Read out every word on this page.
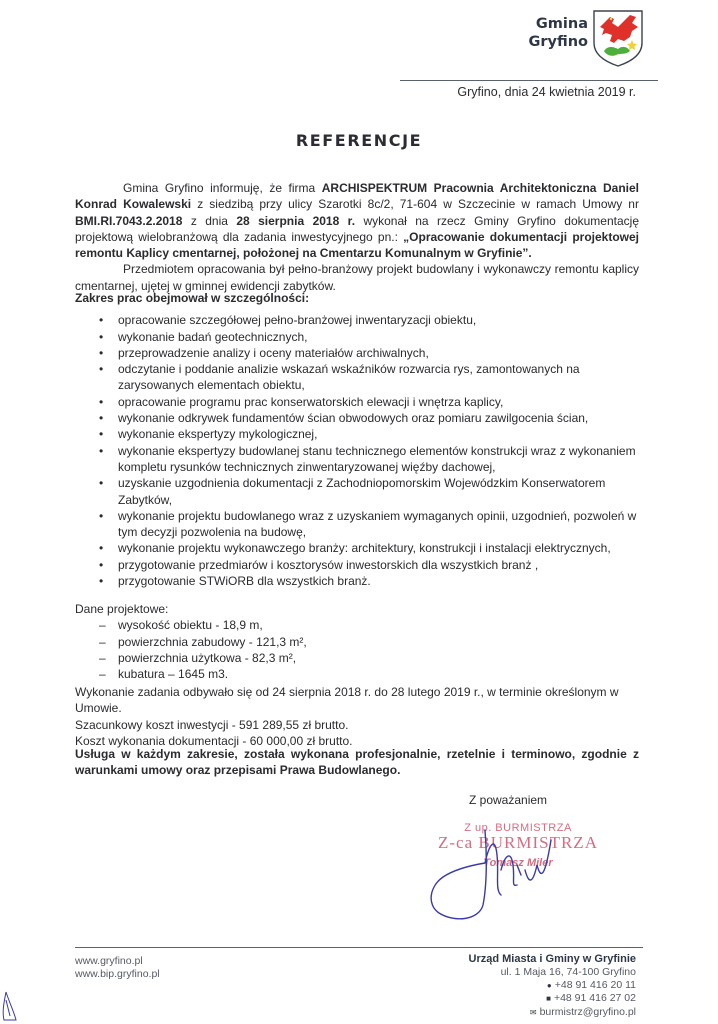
Gmina
Gryfino
Gryfino, dnia 24 kwietnia 2019 r.
REFERENCJE

Gmina Gryfino informuję, że firma ARCHISPEKTRUM Pracownia Architektoniczna Daniel Konrad Kowalewski z siedzibą przy ulicy Szarotki 8c/2, 71-604 w Szczecinie w ramach Umowy nr BMI.RI.7043.2.2018 z dnia 28 sierpnia 2018 r. wykonał na rzecz Gminy Gryfino dokumentację projektową wielobranżową dla zadania inwestycyjnego pn.: „Opracowanie dokumentacji projektowej remontu Kaplicy cmentarnej, położonej na Cmentarzu Komunalnym w Gryfinie”.

Przedmiotem opracowania był pełno-branżowy projekt budowlany i wykonawczy remontu kaplicy cmentarnej, ujętej w gminnej ewidencji zabytków.

Zakres prac obejmował w szczególności:
• opracowanie szczegółowej pełno-branżowej inwentaryzacji obiektu,
• wykonanie badań geotechnicznych,
• przeprowadzenie analizy i oceny materiałów archiwalnych,
• odczytanie i poddanie analizie wskazań wskaźników rozwarcia rys, zamontowanych na zarysowanych elementach obiektu,
• opracowanie programu prac konserwatorskich elewacji i wnętrza kaplicy,
• wykonanie odkrywek fundamentów ścian obwodowych oraz pomiaru zawilgocenia ścian,
• wykonanie ekspertyzy mykologicznej,
• wykonanie ekspertyzy budowlanej stanu technicznego elementów konstrukcji wraz z wykonaniem kompletu rysunków technicznych zinwentaryzowanej więźby dachowej,
• uzyskanie uzgodnienia dokumentacji z Zachodniopomorskim Wojewódzkim Konserwatorem Zabytków,
• wykonanie projektu budowlanego wraz z uzyskaniem wymaganych opinii, uzgodnień, pozwoleń w tym decyzji pozwolenia na budowę,
• wykonanie projektu wykonawczego branży: architektury, konstrukcji i instalacji elektrycznych,
• przygotowanie przedmiarów i kosztorysów inwestorskich dla wszystkich branż ,
• przygotowanie STWiORB dla wszystkich branż.
Dane projektowe:
– wysokość obiektu - 18,9 m,
– powierzchnia zabudowy - 121,3 m²,
– powierzchnia użytkowa - 82,3 m²,
– kubatura – 1645 m3.
Wykonanie zadania odbywało się od 24 sierpnia 2018 r. do 28 lutego 2019 r., w terminie określonym w Umowie.
Szacunkowy koszt inwestycji - 591 289,55 zł brutto.
Koszt wykonania dokumentacji - 60 000,00 zł brutto.
Usługa w każdym zakresie, została wykonana profesjonalnie, rzetelnie i terminowo, zgodnie z warunkami umowy oraz przepisami Prawa Budowlanego.
Z poważaniem
Z up. BURMISTRZA
Z-ca BURMISTRZA
Tomasz Miler
www.gryfino.pl
www.bip.gryfino.pl
Urząd Miasta i Gminy w Gryfinie
ul. 1 Maja 16, 74-100 Gryfino
● +48 91 416 20 11
■ +48 91 416 27 02
✉ burmistrz@gryfino.pl
